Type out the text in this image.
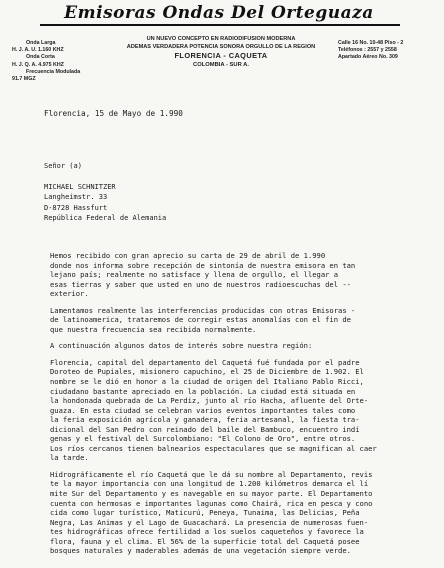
Emisoras Ondas Del Orteguaza
Onda Larga
H. J. A. U. 1.160 KHZ
Onda Corta
H. J. Q. A. 4.975 KHZ
Frecuencia Modulada
91.7 MGZ
UN NUEVO CONCEPTO EN RADIODIFUSION MODERNA
ADEMAS VERDADERA POTENCIA SONORA ORGULLO DE LA REGION
FLORENCIA - CAQUETA
COLOMBIA - SUR A.
Calle 16 No. 10-48 Piso - 2
Teléfonos : 2557 y 2558
Apartado Aéreo No. 309
Florencia, 15 de Mayo de 1.990
Señor (a)
MICHAEL SCHNITZER
Langheimstr. 33
D-8728 Hassfurt
República Federal de Alemania
Hemos recibido con gran aprecio su carta de 29 de abril de 1.990
donde nos informa sobre recepción de sintonía de nuestra emisora en tan
lejano país; realmente no satisface y llena de orgullo, el llegar a
esas tierras y saber que usted en uno de nuestros radioescuchas del --
exterior.
Lamentamos realmente las interferencias producidas con otras Emisoras -
de latinoamerica, trataremos de corregir estas anomalías con el fin de
que nuestra frecuencia sea recibida normalmente.
A continuación algunos datos de interés sobre nuestra región:
Florencia, capital del departamento del Caquetá fué fundada por el padre
Doroteo de Pupiales, misionero capuchino, el 25 de Diciembre de 1.902. El
nombre se le dió en honor a la ciudad de origen del Italiano Pablo Ricci,
ciudadano bastante apreciado en la población. La ciudad está situada en
la hondonada quebrada de La Perdiz, junto al río Hacha, afluente del Orte-
guaza. En esta ciudad se celebran varios eventos importantes tales como
la feria exposición agrícola y ganadera, feria artesanal, la fiesta tra-
dicional del San Pedro con reinado del baile del Bambuco, encuentro indí
genas y el festival del Surcolombiano: "El Colono de Oro", entre otros.
Los ríos cercanos tienen balnearios espectaculares que se magnifican al caer
la tarde.
Hidrográficamente el río Caquetá que le dá su nombre al Departamento, revis
te la mayor importancia con una longitud de 1.200 kilómetros demarca el lí
mite Sur del Departamento y es navegable en su mayor parte. El Departamento
cuenta con hermosas e importantes lagunas como Chairá, rica en pesca y cono
cida como lugar turístico, Maticurú, Peneya, Tunaima, las Delicias, Peña
Negra, Las Animas y el Lago de Guacachará. La presencia de numerosas fuen-
tes hidrográficas ofrece fertilidad a los suelos caqueteños y favorece la
flora, fauna y el clima. El 56% de la superficie total del Caquetá posee
bosques naturales y maderables además de una vegetación siempre verde.
